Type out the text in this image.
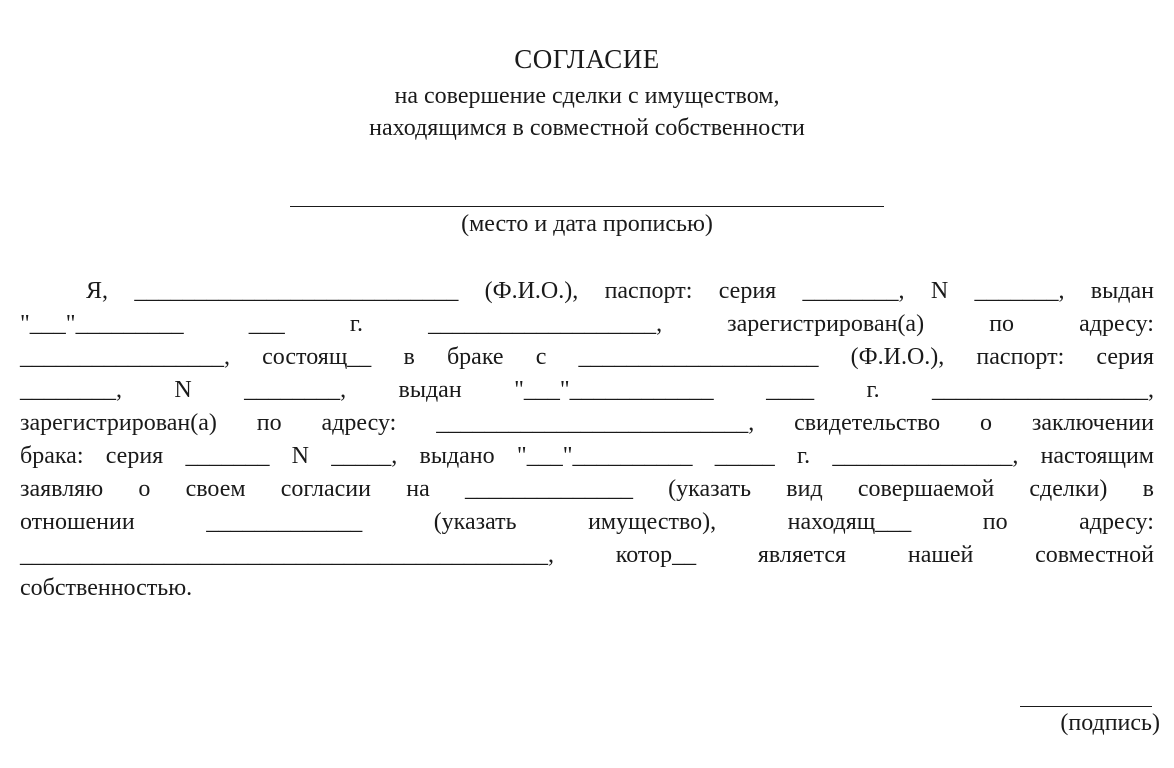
СОГЛАСИЕ
на совершение сделки с имуществом,
находящимся в совместной собственности
(место и дата прописью)
Я, ___________________________ (Ф.И.О.), паспорт: серия ________, N _______, выдан
"___"_________	___	г.	___________________,	зарегистрирован(а)	по	адресу:
_________________, состоящ__ в браке с ____________________ (Ф.И.О.), паспорт: серия
________, N ________, выдан "___"____________ ____ г. __________________,
зарегистрирован(а) по адресу: __________________________, свидетельство о заключении
брака: серия _______ N _____, выдано "___"__________ _____ г. _______________, настоящим
заявляю о своем согласии на ______________ (указать вид совершаемой сделки) в
отношении	_____________	(указать	имущество),	находящ___	по	адресу:
____________________________________________,	котор__	является	нашей	совместной
собственностью.
(подпись)
